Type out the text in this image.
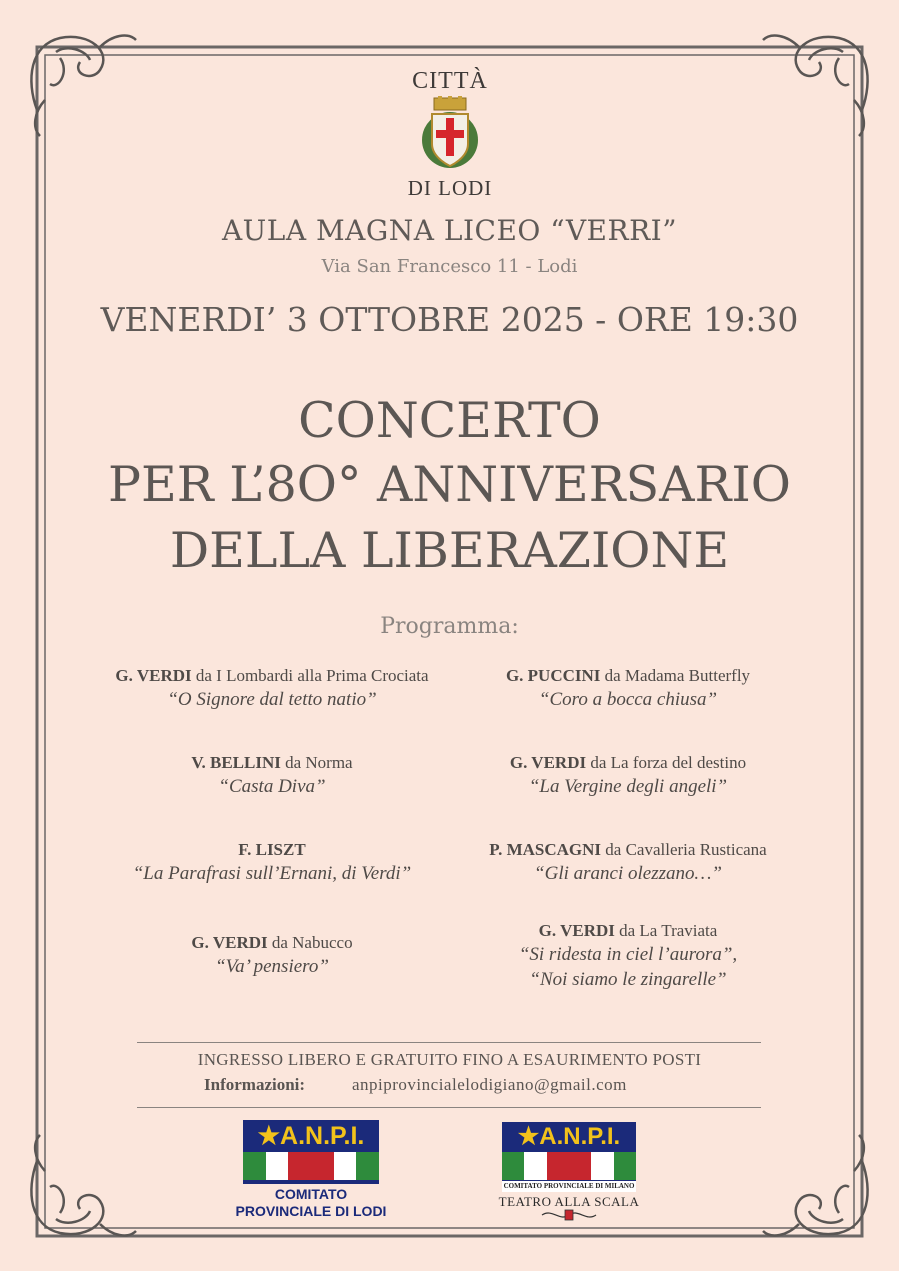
CITTÀ
DI LODI
AULA MAGNA LICEO “VERRI”
Via San Francesco 11 - Lodi
VENERDI’ 3 OTTOBRE 2025 - ORE 19:30
CONCERTO
PER L’8O° ANNIVERSARIO
DELLA LIBERAZIONE
Programma:
G. VERDI da I Lombardi alla Prima Crociata
“O Signore dal tetto natio”
V. BELLINI da Norma
“Casta Diva”
F. LISZT
“La Parafrasi sull’Ernani, di Verdi”
G. VERDI da Nabucco
“Va’ pensiero”
G. PUCCINI da Madama Butterfly
“Coro a bocca chiusa”
G. VERDI da La forza del destino
“La Vergine degli angeli”
P. MASCAGNI da Cavalleria Rusticana
“Gli aranci olezzano…”
G. VERDI da La Traviata
“Si ridesta in ciel l’aurora”,
“Noi siamo le zingarelle”
INGRESSO LIBERO E GRATUITO FINO A ESAURIMENTO POSTI
Informazioni:	anpiprovincialelodigiano@gmail.com
★A.N.P.I.
COMITATO
PROVINCIALE DI LODI
★A.N.P.I.
COMITATO PROVINCIALE DI MILANO
TEATRO ALLA SCALA
